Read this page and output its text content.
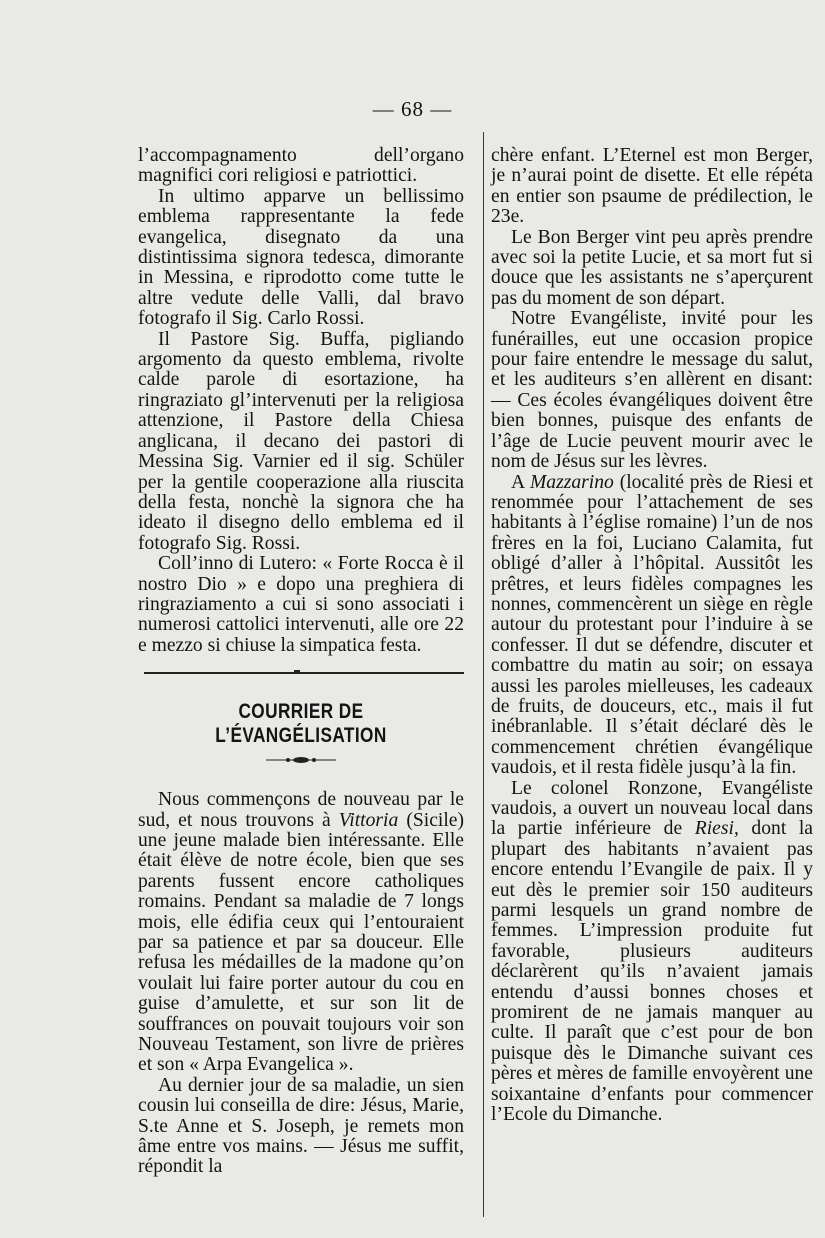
— 68 —

l’accompagnamento dell’organo magnifici cori religiosi e patriottici.

In ultimo apparve un bellissimo emblema rappresentante la fede evangelica, disegnato da una distintissima signora tedesca, dimorante in Messina, e riprodotto come tutte le altre vedute delle Valli, dal bravo fotografo il Sig. Carlo Rossi.

Il Pastore Sig. Buffa, pigliando argomento da questo emblema, rivolte calde parole di esortazione, ha ringraziato gl’intervenuti per la religiosa attenzione, il Pastore della Chiesa anglicana, il decano dei pastori di Messina Sig. Varnier ed il sig. Schüler per la gentile cooperazione alla riuscita della festa, nonchè la signora che ha ideato il disegno dello emblema ed il fotografo Sig. Rossi.

Coll’inno di Lutero: « Forte Rocca è il nostro Dio » e dopo una preghiera di ringraziamento a cui si sono associati i numerosi cattolici intervenuti, alle ore 22 e mezzo si chiuse la simpatica festa.

COURRIER DE L’ÉVANGÉLISATION

Nous commençons de nouveau par le sud, et nous trouvons à Vittoria (Sicile) une jeune malade bien intéressante. Elle était élève de notre école, bien que ses parents fussent encore catholiques romains. Pendant sa maladie de 7 longs mois, elle édifia ceux qui l’entouraient par sa patience et par sa douceur. Elle refusa les médailles de la madone qu’on voulait lui faire porter autour du cou en guise d’amulette, et sur son lit de souffrances on pouvait toujours voir son Nouveau Testament, son livre de prières et son « Arpa Evangelica ».

Au dernier jour de sa maladie, un sien cousin lui conseilla de dire: Jésus, Marie, S.te Anne et S. Joseph, je remets mon âme entre vos mains. — Jésus me suffit, répondit la

chère enfant. L’Eternel est mon Berger, je n’aurai point de disette. Et elle répéta en entier son psaume de prédilection, le 23e.

Le Bon Berger vint peu après prendre avec soi la petite Lucie, et sa mort fut si douce que les assistants ne s’aperçurent pas du moment de son départ.

Notre Evangéliste, invité pour les funérailles, eut une occasion propice pour faire entendre le message du salut, et les auditeurs s’en allèrent en disant: — Ces écoles évangéliques doivent être bien bonnes, puisque des enfants de l’âge de Lucie peuvent mourir avec le nom de Jésus sur les lèvres.

A Mazzarino (localité près de Riesi et renommée pour l’attachement de ses habitants à l’église romaine) l’un de nos frères en la foi, Luciano Calamita, fut obligé d’aller à l’hôpital. Aussitôt les prêtres, et leurs fidèles compagnes les nonnes, commencèrent un siège en règle autour du protestant pour l’induire à se confesser. Il dut se défendre, discuter et combattre du matin au soir; on essaya aussi les paroles mielleuses, les cadeaux de fruits, de douceurs, etc., mais il fut inébranlable. Il s’était déclaré dès le commencement chrétien évangélique vaudois, et il resta fidèle jusqu’à la fin.

Le colonel Ronzone, Evangéliste vaudois, a ouvert un nouveau local dans la partie inférieure de Riesi, dont la plupart des habitants n’avaient pas encore entendu l’Evangile de paix. Il y eut dès le premier soir 150 auditeurs parmi lesquels un grand nombre de femmes. L’impression produite fut favorable, plusieurs auditeurs déclarèrent qu’ils n’avaient jamais entendu d’aussi bonnes choses et promirent de ne jamais manquer au culte. Il paraît que c’est pour de bon puisque dès le Dimanche suivant ces pères et mères de famille envoyèrent une soixantaine d’enfants pour commencer l’Ecole du Dimanche.
